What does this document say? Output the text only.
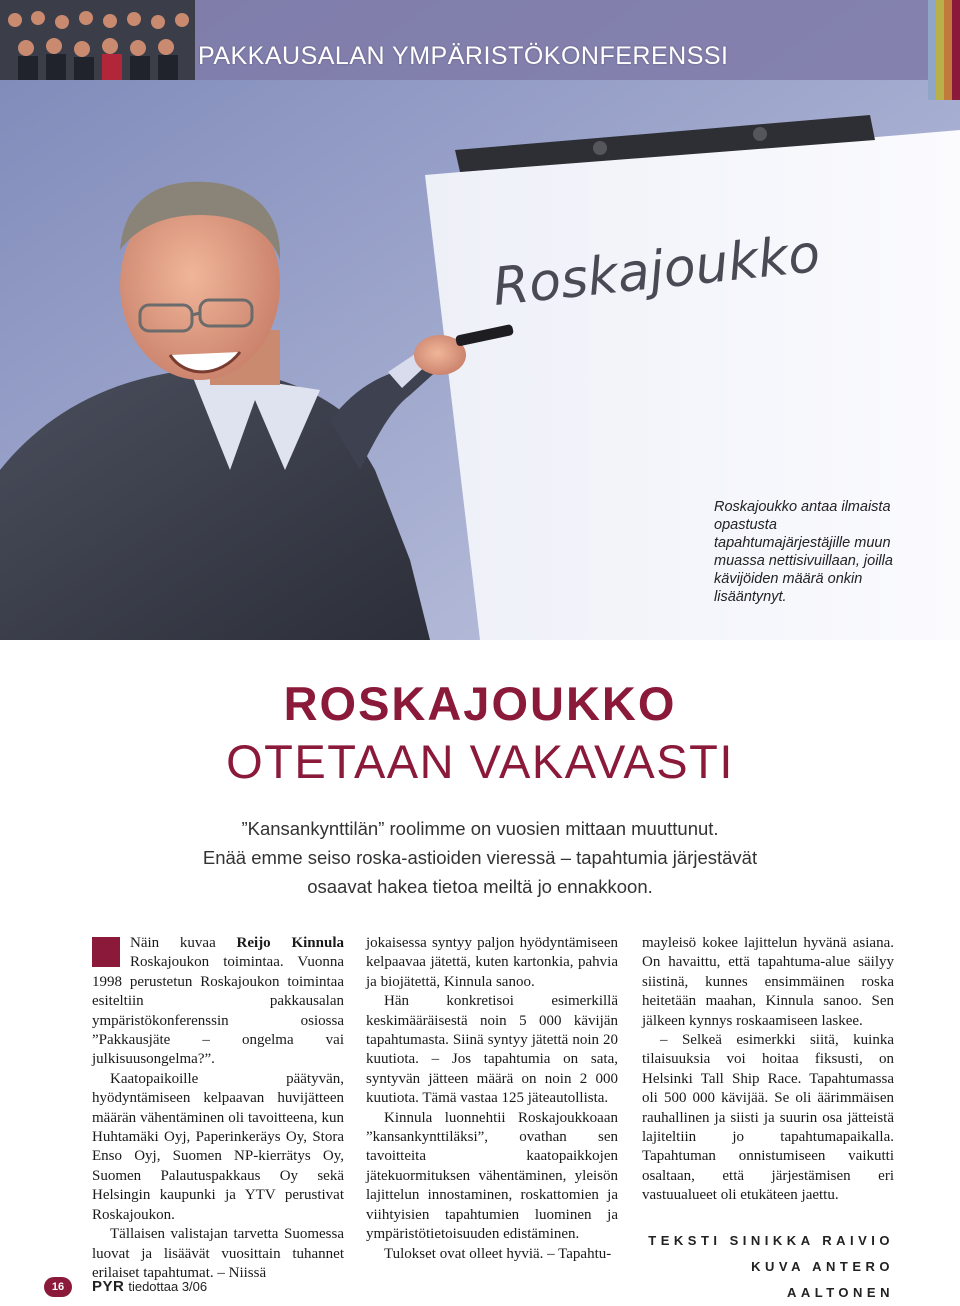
Roskajoukko
PAKKAUSALAN YMPÄRISTÖKONFERENSSI
Roskajoukko antaa ilmaista opastusta tapahtumajärjestäjille muun muassa nettisivuillaan, joilla kävijöiden määrä onkin lisääntynyt.
ROSKAJOUKKO
OTETAAN VAKAVASTI
”Kansankynttilän” roolimme on vuosien mittaan muuttunut.
Enää emme seiso roska-astioiden vieressä – tapahtumia järjestävät
osaavat hakea tietoa meiltä jo ennakkoon.

Näin kuvaa Reijo Kinnula Roskajoukon toimintaa. Vuonna 1998 perustetun Roskajoukon toimintaa esiteltiin pakkausalan ympäristökonferenssin osiossa ”Pakkausjäte – ongelma vai julkisuusongelma?”.

Kaatopaikoille päätyvän, hyödyntämiseen kelpaavan huvijätteen määrän vähentäminen oli tavoitteena, kun Huhtamäki Oyj, Paperinkeräys Oy, Stora Enso Oyj, Suomen NP-kierrätys Oy, Suomen Palautuspakkaus Oy sekä Helsingin kaupunki ja YTV perustivat Roskajoukon.

Tällaisen valistajan tarvetta Suomessa luovat ja lisäävät vuosittain tuhannet erilaiset tapahtumat. – Niissä

jokaisessa syntyy paljon hyödyntämiseen kelpaavaa jätettä, kuten kartonkia, pahvia ja biojätettä, Kinnula sanoo.

Hän konkretisoi esimerkillä keskimääräisestä noin 5 000 kävijän tapahtumasta. Siinä syntyy jätettä noin 20 kuutiota. – Jos tapahtumia on sata, syntyvän jätteen määrä on noin 2 000 kuutiota. Tämä vastaa 125 jäteautollista.

Kinnula luonnehtii Roskajoukkoaan ”kansankynttiläksi”, ovathan sen tavoitteita kaatopaikkojen jätekuormituksen vähentäminen, yleisön lajittelun innostaminen, roskattomien ja viihtyisien tapahtumien luominen ja ympäristötietoisuuden edistäminen.

Tulokset ovat olleet hyviä. – Tapahtu-

mayleisö kokee lajittelun hyvänä asiana. On havaittu, että tapahtuma-alue säilyy siistinä, kunnes ensimmäinen roska heitetään maahan, Kinnula sanoo. Sen jälkeen kynnys roskaamiseen laskee.

– Selkeä esimerkki siitä, kuinka tilaisuuksia voi hoitaa fiksusti, on Helsinki Tall Ship Race. Tapahtumassa oli 500 000 kävijää. Se oli äärimmäisen rauhallinen ja siisti ja suurin osa jätteistä lajiteltiin jo tapahtumapaikalla. Tapahtuman onnistumiseen vaikutti osaltaan, että järjestämisen eri vastuualueet oli etukäteen jaettu.

TEKSTI SINIKKA RAIVIO
KUVA ANTERO AALTONEN
16	PYR tiedottaa 3/06
